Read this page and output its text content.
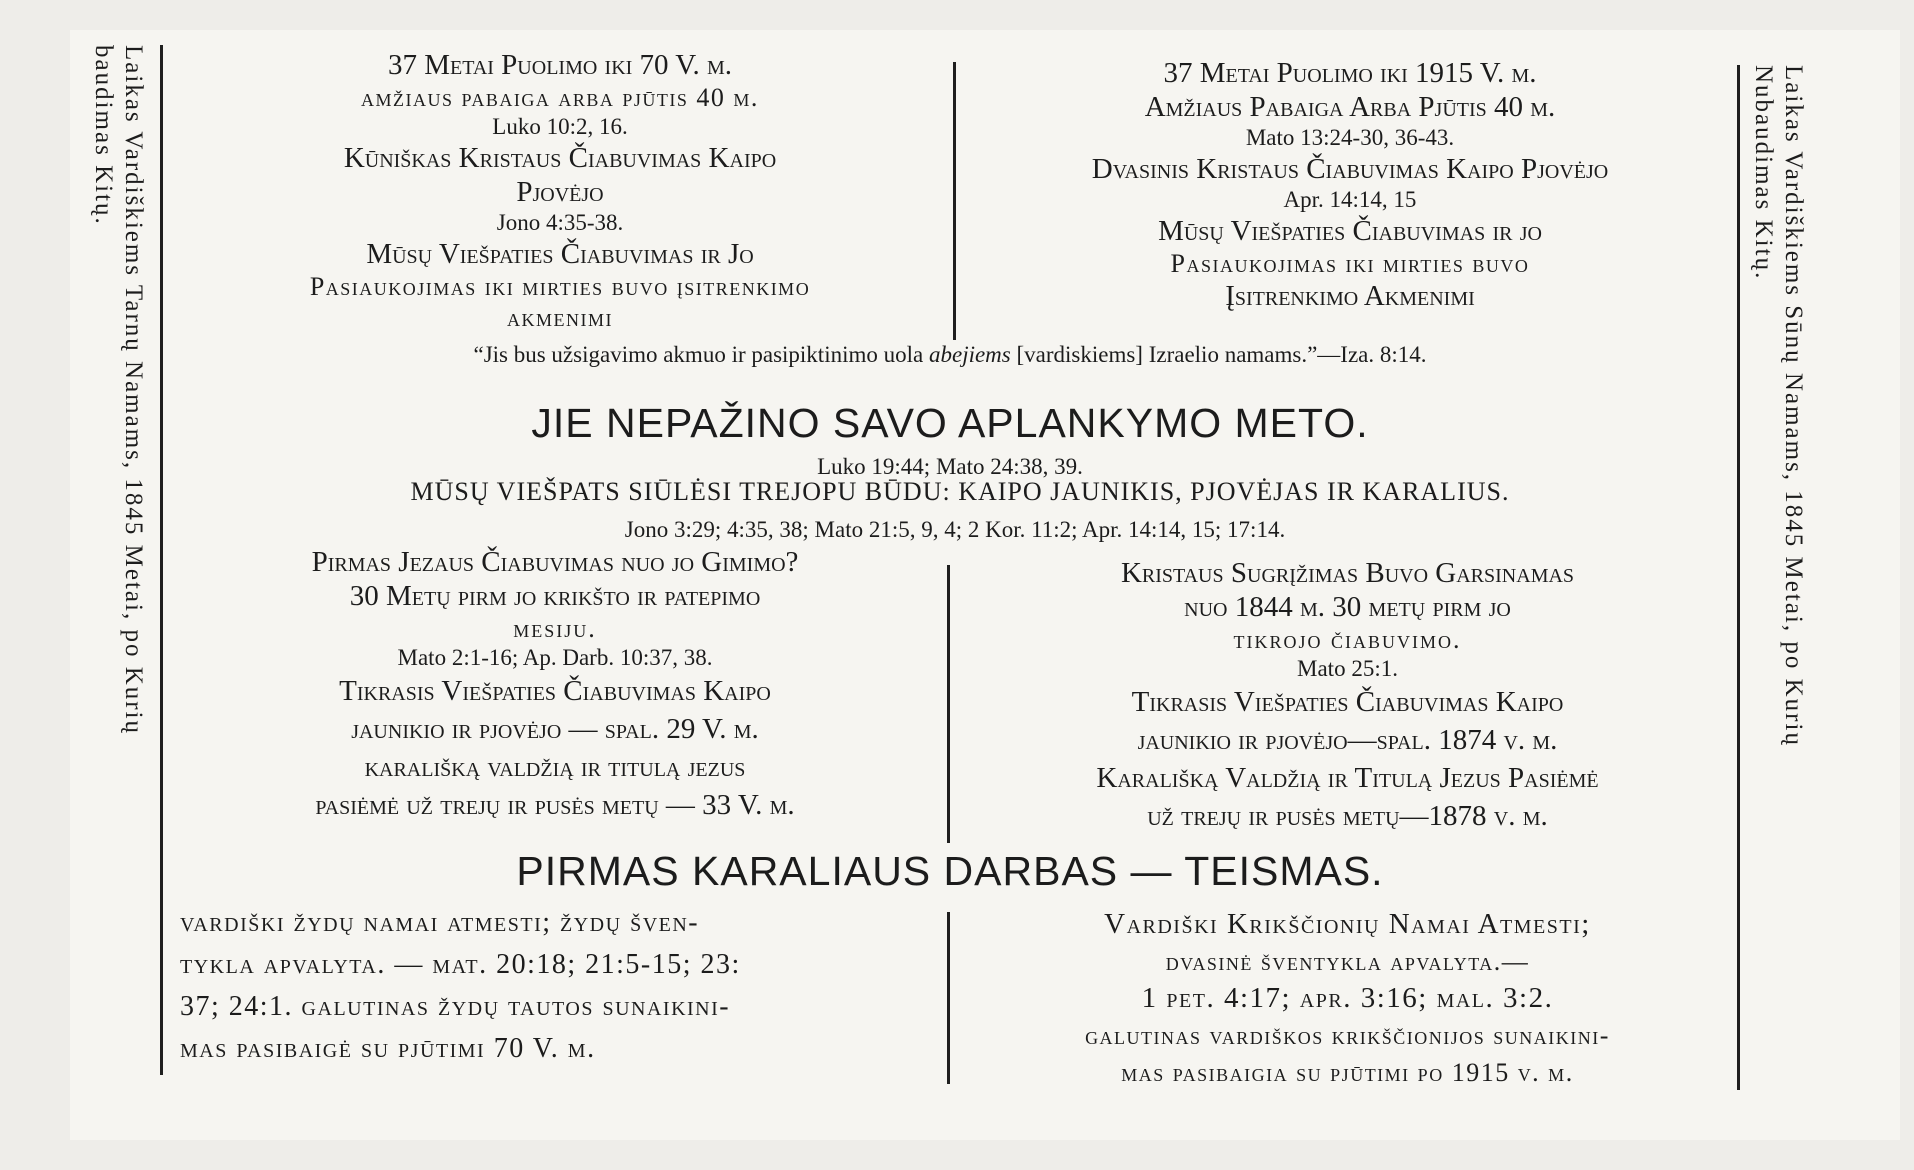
Laikas Vardiškiems Tarnų Namams, 1845 Metai, po Kurių
baudimas Kitų.	Laikas Vardiškiems Sūnų Namams, 1845 Metai, po Kurių
Nubaudimas Kitų.
37 Metai Puolimo iki 70 V. m.
amžiaus pabaiga arba pjūtis 40 m.
Luko 10:2, 16.
Kūniškas Kristaus Čiabuvimas Kaipo
Pjovėjo
Jono 4:35-38.
Mūsų Viešpaties Čiabuvimas ir Jo
Pasiaukojimas iki mirties buvo įsitrenkimo
akmenimi
37 Metai Puolimo iki 1915 V. m.
Amžiaus Pabaiga Arba Pjūtis 40 m.
Mato 13:24-30, 36-43.
Dvasinis Kristaus Čiabuvimas Kaipo Pjovėjo
Apr. 14:14, 15
Mūsų Viešpaties Čiabuvimas ir jo
Pasiaukojimas iki mirties buvo
Įsitrenkimo Akmenimi
“Jis bus užsigavimo akmuo ir pasipiktinimo uola abejiems [vardiskiems] Izraelio namams.”—Iza. 8:14.
JIE NEPAŽINO SAVO APLANKYMO METO.
Luko 19:44; Mato 24:38, 39.
MŪSŲ VIEŠPATS SIŪLĖSI TREJOPU BŪDU: KAIPO JAUNIKIS, PJOVĖJAS IR KARALIUS.
Jono 3:29; 4:35, 38; Mato 21:5, 9, 4; 2 Kor. 11:2; Apr. 14:14, 15; 17:14.
Pirmas Jezaus Čiabuvimas nuo jo Gimimo?
30 Metų pirm jo krikšto ir patepimo
mesiju.
Mato 2:1-16; Ap. Darb. 10:37, 38.
Tikrasis Viešpaties Čiabuvimas Kaipo
jaunikio ir pjovėjo — spal. 29 V. m.
karališką valdžią ir titulą jezus
pasiėmė už trejų ir pusės metų — 33 V. m.
Kristaus Sugrįžimas Buvo Garsinamas
nuo 1844 m. 30 metų pirm jo
tikrojo čiabuvimo.
Mato 25:1.
Tikrasis Viešpaties Čiabuvimas Kaipo
jaunikio ir pjovėjo—spal. 1874 v. m.
Karališką Valdžią ir Titulą Jezus Pasiėmė
už trejų ir pusės metų—1878 v. m.
PIRMAS KARALIAUS DARBAS — TEISMAS.
vardiški žydų namai atmesti; žydų šven-
tykla apvalyta. — mat. 20:18; 21:5-15; 23:
37; 24:1. galutinas žydų tautos sunaikini-
mas pasibaigė su pjūtimi 70 V. m.
Vardiški Krikščionių Namai Atmesti;
dvasinė šventykla apvalyta.—
1 pet. 4:17; apr. 3:16; mal. 3:2.
galutinas vardiškos krikščionijos sunaikini-
mas pasibaigia su pjūtimi po 1915 v. m.
